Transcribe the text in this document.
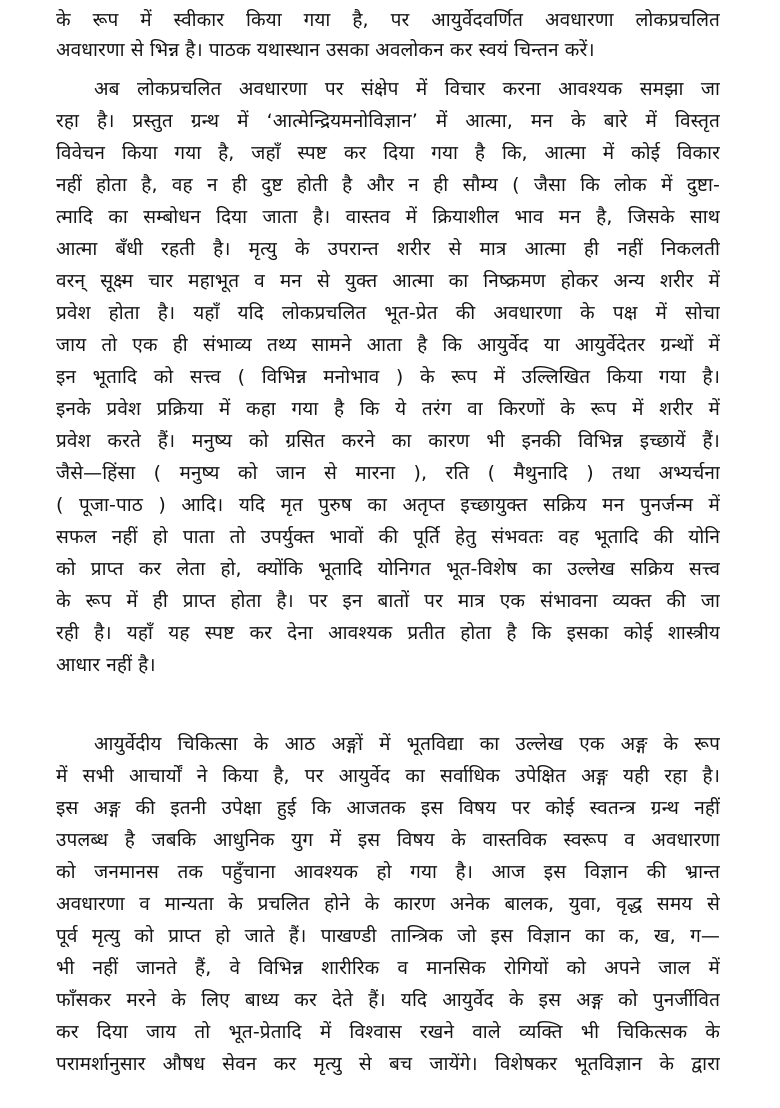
के रूप में स्वीकार किया गया है, पर आयुर्वेदवर्णित अवधारणा लोकप्रचलित
अवधारणा से भिन्न है। पाठक यथास्थान उसका अवलोकन कर स्वयं चिन्तन करें।
अब लोकप्रचलित अवधारणा पर संक्षेप में विचार करना आवश्यक समझा जा
रहा है। प्रस्तुत ग्रन्थ में ‘आत्मेन्द्रियमनोविज्ञान’ में आत्मा, मन के बारे में विस्तृत
विवेचन किया गया है, जहाँ स्पष्ट कर दिया गया है कि, आत्मा में कोई विकार
नहीं होता है, वह न ही दुष्ट होती है और न ही सौम्य ( जैसा कि लोक में दुष्टा-
त्मादि का सम्बोधन दिया जाता है। वास्तव में क्रियाशील भाव मन है, जिसके साथ
आत्मा बँधी रहती है। मृत्यु के उपरान्त शरीर से मात्र आत्मा ही नहीं निकलती
वरन् सूक्ष्म चार महाभूत व मन से युक्त आत्मा का निष्क्रमण होकर अन्य शरीर में
प्रवेश होता है। यहाँ यदि लोकप्रचलित भूत-प्रेत की अवधारणा के पक्ष में सोचा
जाय तो एक ही संभाव्य तथ्य सामने आता है कि आयुर्वेद या आयुर्वेदेतर ग्रन्थों में
इन भूतादि को सत्त्व ( विभिन्न मनोभाव ) के रूप में उल्लिखित किया गया है।
इनके प्रवेश प्रक्रिया में कहा गया है कि ये तरंग वा किरणों के रूप में शरीर में
प्रवेश करते हैं। मनुष्य को ग्रसित करने का कारण भी इनकी विभिन्न इच्छायें हैं।
जैसे—हिंसा ( मनुष्य को जान से मारना ), रति ( मैथुनादि ) तथा अभ्यर्चना
( पूजा-पाठ ) आदि। यदि मृत पुरुष का अतृप्त इच्छायुक्त सक्रिय मन पुनर्जन्म में
सफल नहीं हो पाता तो उपर्युक्त भावों की पूर्ति हेतु संभवतः वह भूतादि की योनि
को प्राप्त कर लेता हो, क्योंकि भूतादि योनिगत भूत-विशेष का उल्लेख सक्रिय सत्त्व
के रूप में ही प्राप्त होता है। पर इन बातों पर मात्र एक संभावना व्यक्त की जा
रही है। यहाँ यह स्पष्ट कर देना आवश्यक प्रतीत होता है कि इसका कोई शास्त्रीय
आधार नहीं है।
आयुर्वेदीय चिकित्सा के आठ अङ्गों में भूतविद्या का उल्लेख एक अङ्ग के रूप
में सभी आचार्यों ने किया है, पर आयुर्वेद का सर्वाधिक उपेक्षित अङ्ग यही रहा है।
इस अङ्ग की इतनी उपेक्षा हुई कि आजतक इस विषय पर कोई स्वतन्त्र ग्रन्थ नहीं
उपलब्ध है जबकि आधुनिक युग में इस विषय के वास्तविक स्वरूप व अवधारणा
को जनमानस तक पहुँचाना आवश्यक हो गया है। आज इस विज्ञान की भ्रान्त
अवधारणा व मान्यता के प्रचलित होने के कारण अनेक बालक, युवा, वृद्ध समय से
पूर्व मृत्यु को प्राप्त हो जाते हैं। पाखण्डी तान्त्रिक जो इस विज्ञान का क, ख, ग—
भी नहीं जानते हैं, वे विभिन्न शारीरिक व मानसिक रोगियों को अपने जाल में
फाँसकर मरने के लिए बाध्य कर देते हैं। यदि आयुर्वेद के इस अङ्ग को पुनर्जीवित
कर दिया जाय तो भूत-प्रेतादि में विश्वास रखने वाले व्यक्ति भी चिकित्सक के
परामर्शानुसार औषध सेवन कर मृत्यु से बच जायेंगे। विशेषकर भूतविज्ञान के द्वारा
